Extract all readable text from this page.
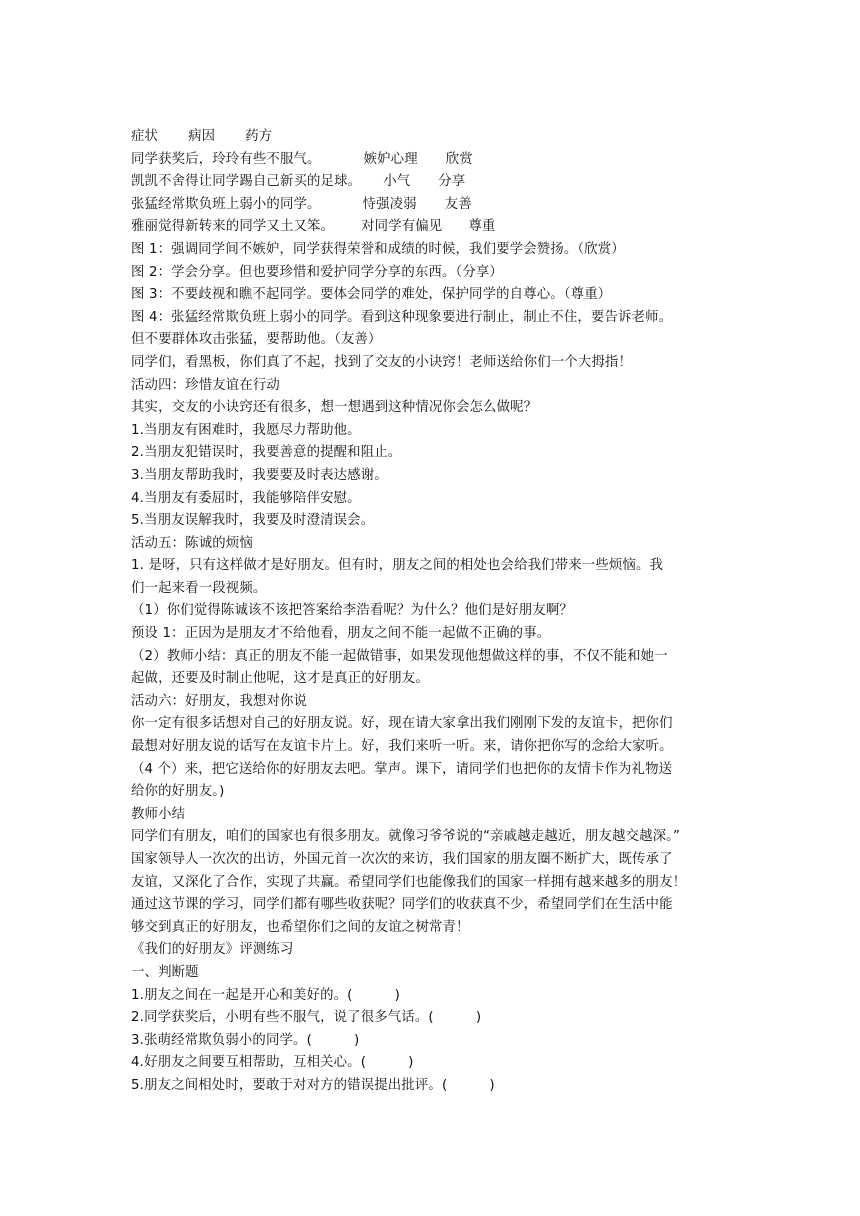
症状 病因 药方
同学获奖后，玲玲有些不服气。	嫉妒心理 欣赏
凯凯不舍得让同学踢自己新买的足球。 小气 分享
张猛经常欺负班上弱小的同学。	恃强凌弱 友善
雅丽觉得新转来的同学又土又笨。 对同学有偏见 尊重
图 1：强调同学间不嫉妒，同学获得荣誉和成绩的时候，我们要学会赞扬。（欣赏）
图 2：学会分享。但也要珍惜和爱护同学分享的东西。（分享）
图 3：不要歧视和瞧不起同学。要体会同学的难处，保护同学的自尊心。（尊重）
图 4：张猛经常欺负班上弱小的同学。看到这种现象要进行制止，制止不住，要告诉老师。
但不要群体攻击张猛，要帮助他。（友善）
同学们，看黑板，你们真了不起，找到了交友的小诀窍！老师送给你们一个大拇指！
活动四：珍惜友谊在行动
其实，交友的小诀窍还有很多，想一想遇到这种情况你会怎么做呢？
1.当朋友有困难时，我愿尽力帮助他。
2.当朋友犯错误时，我要善意的提醒和阻止。
3.当朋友帮助我时，我要要及时表达感谢。
4.当朋友有委屈时，我能够陪伴安慰。
5.当朋友误解我时，我要及时澄清误会。
活动五：陈诚的烦恼
1. 是呀，只有这样做才是好朋友。但有时，朋友之间的相处也会给我们带来一些烦恼。我
们一起来看一段视频。
（1）你们觉得陈诚该不该把答案给李浩看呢？为什么？他们是好朋友啊？
预设 1：正因为是朋友才不给他看，朋友之间不能一起做不正确的事。
（2）教师小结：真正的朋友不能一起做错事，如果发现他想做这样的事，不仅不能和她一
起做，还要及时制止他呢，这才是真正的好朋友。
活动六：好朋友，我想对你说
你一定有很多话想对自己的好朋友说。好，现在请大家拿出我们刚刚下发的友谊卡，把你们
最想对好朋友说的话写在友谊卡片上。好，我们来听一听。来，请你把你写的念给大家听。
（4 个）来，把它送给你的好朋友去吧。掌声。课下，请同学们也把你的友情卡作为礼物送
给你的好朋友。)
教师小结
同学们有朋友，咱们的国家也有很多朋友。就像习爷爷说的“亲戚越走越近，朋友越交越深。”
国家领导人一次次的出访，外国元首一次次的来访，我们国家的朋友圈不断扩大，既传承了
友谊，又深化了合作，实现了共赢。希望同学们也能像我们的国家一样拥有越来越多的朋友！
通过这节课的学习，同学们都有哪些收获呢？同学们的收获真不少，希望同学们在生活中能
够交到真正的好朋友，也希望你们之间的友谊之树常青！
《我们的好朋友》评测练习
一、判断题
1.朋友之间在一起是开心和美好的。(	)
2.同学获奖后，小明有些不服气，说了很多气话。(	)
3.张萌经常欺负弱小的同学。(	)
4.好朋友之间要互相帮助，互相关心。(	)
5.朋友之间相处时，要敢于对对方的错误提出批评。(	)
